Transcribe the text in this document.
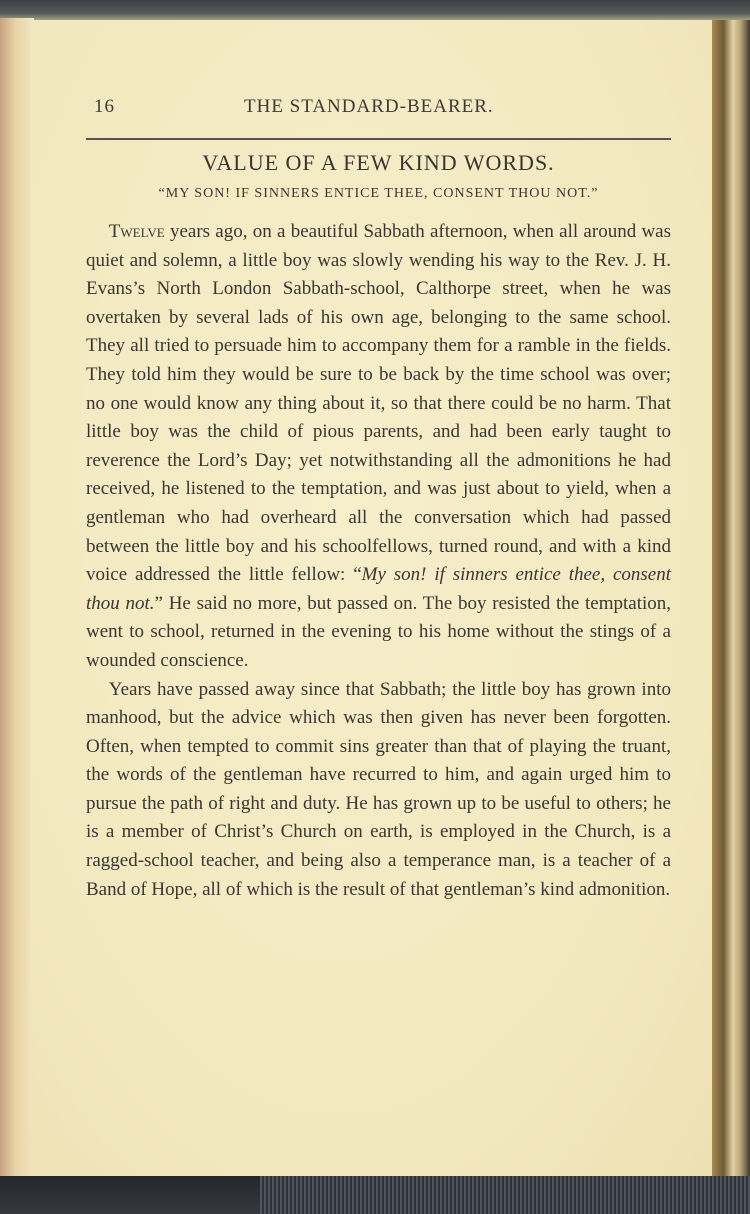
16	THE STANDARD-BEARER.
VALUE OF A FEW KIND WORDS.
“MY SON! IF SINNERS ENTICE THEE, CONSENT THOU NOT.”

Twelve years ago, on a beautiful Sabbath afternoon, when all around was quiet and solemn, a little boy was slowly wending his way to the Rev. J. H. Evans’s North London Sabbath-school, Calthorpe street, when he was overtaken by several lads of his own age, belonging to the same school. They all tried to persuade him to accompany them for a ramble in the fields. They told him they would be sure to be back by the time school was over; no one would know any thing about it, so that there could be no harm. That little boy was the child of pious parents, and had been early taught to reverence the Lord’s Day; yet notwithstanding all the admonitions he had received, he listened to the temptation, and was just about to yield, when a gentleman who had overheard all the conversation which had passed between the little boy and his schoolfellows, turned round, and with a kind voice addressed the little fellow: “My son! if sinners entice thee, consent thou not.” He said no more, but passed on. The boy resisted the temptation, went to school, returned in the evening to his home without the stings of a wounded conscience.

Years have passed away since that Sabbath; the little boy has grown into manhood, but the advice which was then given has never been forgotten. Often, when tempted to commit sins greater than that of playing the truant, the words of the gentleman have recurred to him, and again urged him to pursue the path of right and duty. He has grown up to be useful to others; he is a member of Christ’s Church on earth, is employed in the Church, is a ragged-school teacher, and being also a temperance man, is a teacher of a Band of Hope, all of which is the result of that gentleman’s kind admonition.
